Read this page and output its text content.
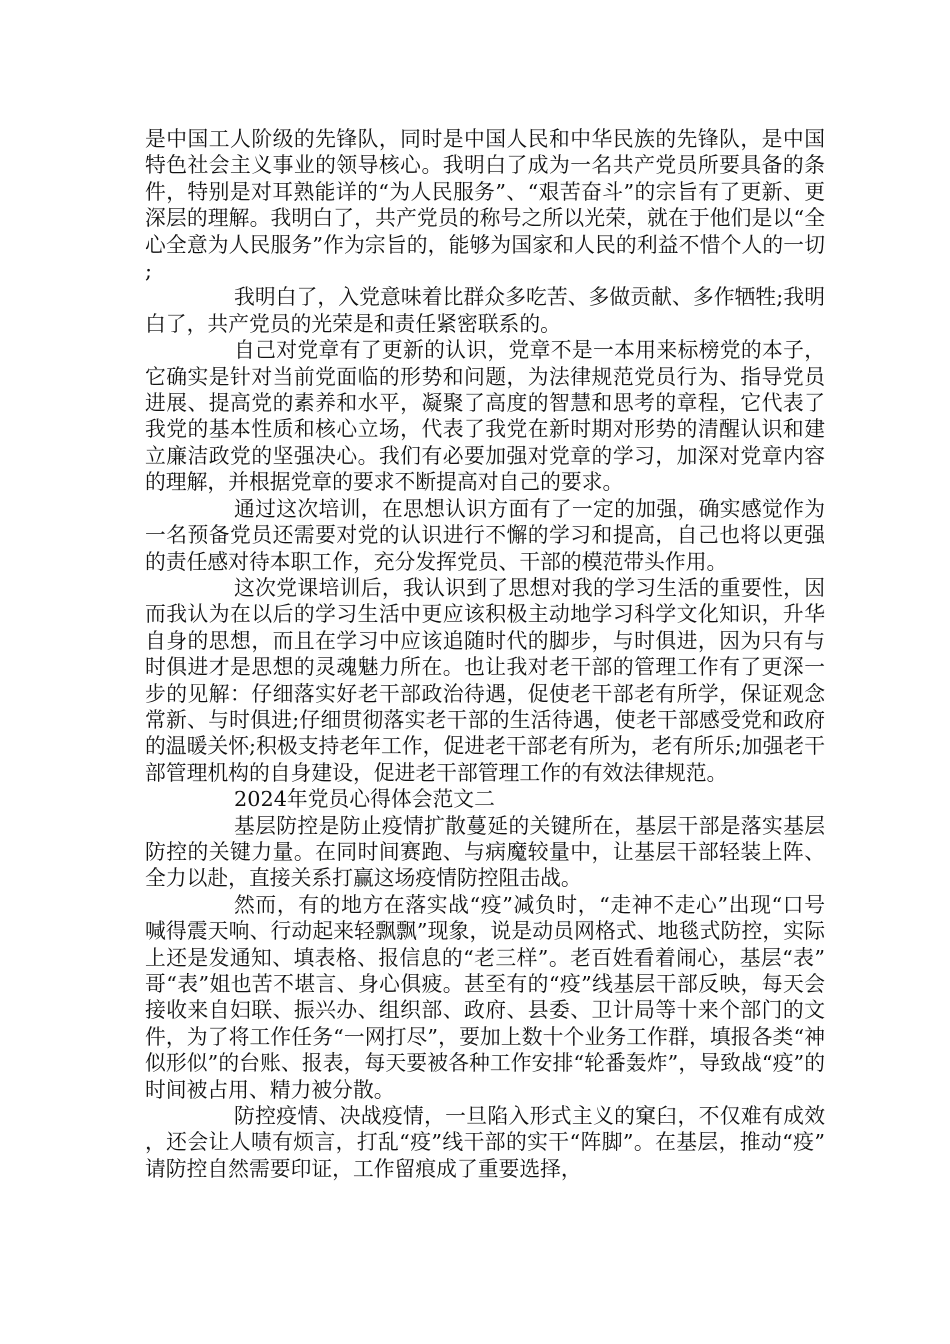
是中国工人阶级的先锋队，同时是中国人民和中华民族的先锋队，是中国特色社会主义事业的领导核心。我明白了成为一名共产党员所要具备的条件，特别是对耳熟能详的“为人民服务”、“艰苦奋斗”的宗旨有了更新、更深层的理解。我明白了，共产党员的称号之所以光荣，就在于他们是以“全心全意为人民服务”作为宗旨的，能够为国家和人民的利益不惜个人的一切;

我明白了，入党意味着比群众多吃苦、多做贡献、多作牺牲;我明白了，共产党员的光荣是和责任紧密联系的。

自己对党章有了更新的认识，党章不是一本用来标榜党的本子，它确实是针对当前党面临的形势和问题，为法律规范党员行为、指导党员进展、提高党的素养和水平，凝聚了高度的智慧和思考的章程，它代表了我党的基本性质和核心立场，代表了我党在新时期对形势的清醒认识和建立廉洁政党的坚强决心。我们有必要加强对党章的学习，加深对党章内容的理解，并根据党章的要求不断提高对自己的要求。

通过这次培训，在思想认识方面有了一定的加强，确实感觉作为一名预备党员还需要对党的认识进行不懈的学习和提高，自己也将以更强的责任感对待本职工作，充分发挥党员、干部的模范带头作用。

这次党课培训后，我认识到了思想对我的学习生活的重要性，因而我认为在以后的学习生活中更应该积极主动地学习科学文化知识，升华自身的思想，而且在学习中应该追随时代的脚步，与时俱进，因为只有与时俱进才是思想的灵魂魅力所在。也让我对老干部的管理工作有了更深一步的见解：仔细落实好老干部政治待遇，促使老干部老有所学，保证观念常新、与时俱进;仔细贯彻落实老干部的生活待遇，使老干部感受党和政府的温暖关怀;积极支持老年工作，促进老干部老有所为，老有所乐;加强老干部管理机构的自身建设，促进老干部管理工作的有效法律规范。

2024年党员心得体会范文二

基层防控是防止疫情扩散蔓延的关键所在，基层干部是落实基层防控的关键力量。在同时间赛跑、与病魔较量中，让基层干部轻装上阵、全力以赴，直接关系打赢这场疫情防控阻击战。

然而，有的地方在落实战“疫”减负时，“走神不走心”出现“口号喊得震天响、行动起来轻飘飘”现象，说是动员网格式、地毯式防控，实际上还是发通知、填表格、报信息的“老三样”。老百姓看着闹心，基层“表”哥“表”姐也苦不堪言、身心俱疲。甚至有的“疫”线基层干部反映，每天会接收来自妇联、振兴办、组织部、政府、县委、卫计局等十来个部门的文件，为了将工作任务“一网打尽”，要加上数十个业务工作群，填报各类“神似形似”的台账、报表，每天要被各种工作安排“轮番轰炸”，导致战“疫”的时间被占用、精力被分散。

防控疫情、决战疫情，一旦陷入形式主义的窠臼，不仅难有成效，还会让人啧有烦言，打乱“疫”线干部的实干“阵脚”。在基层，推动“疫”请防控自然需要印证，工作留痕成了重要选择，
